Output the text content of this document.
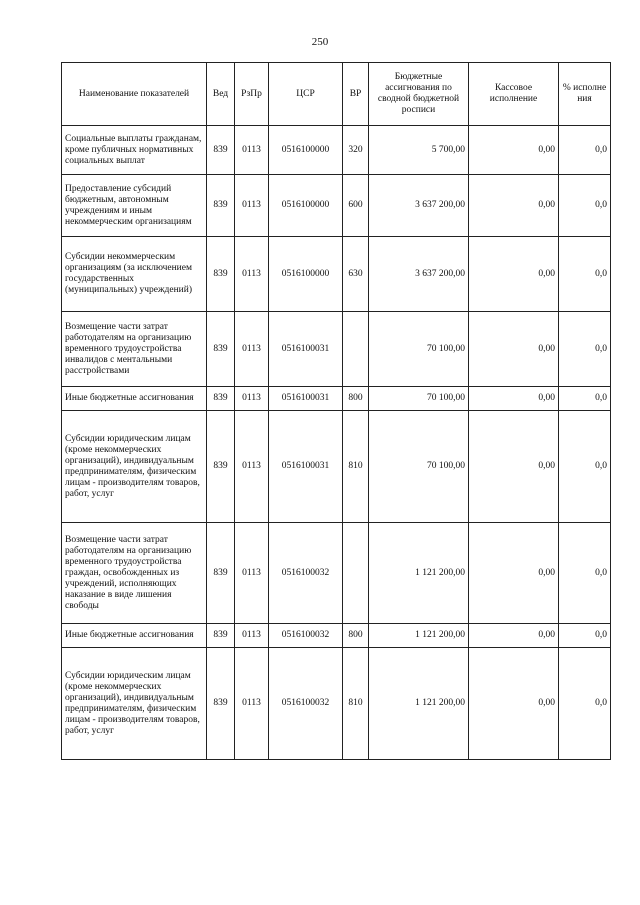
250
Наименование показателей	Вед	РзПр	ЦСР	ВР	Бюджетные ассигнования по сводной бюджетной росписи	Кассовое исполнение	% исполне ния
Социальные выплаты гражданам, кроме публичных нормативных социальных выплат	839	0113	0516100000	320	5 700,00	0,00	0,0
Предоставление субсидий бюджетным, автономным учреждениям и иным некоммерческим организациям	839	0113	0516100000	600	3 637 200,00	0,00	0,0
Субсидии некоммерческим организациям (за исключением государственных (муниципальных) учреждений)	839	0113	0516100000	630	3 637 200,00	0,00	0,0
Возмещение части затрат работодателям на организацию временного трудоустройства инвалидов с ментальными расстройствами	839	0113	0516100031		70 100,00	0,00	0,0
Иные бюджетные ассигнования	839	0113	0516100031	800	70 100,00	0,00	0,0
Субсидии юридическим лицам (кроме некоммерческих организаций), индивидуальным предпринимателям, физическим лицам - производителям товаров, работ, услуг	839	0113	0516100031	810	70 100,00	0,00	0,0
Возмещение части затрат работодателям на организацию временного трудоустройства граждан, освобожденных из учреждений, исполняющих наказание в виде лишения свободы	839	0113	0516100032		1 121 200,00	0,00	0,0
Иные бюджетные ассигнования	839	0113	0516100032	800	1 121 200,00	0,00	0,0
Субсидии юридическим лицам (кроме некоммерческих организаций), индивидуальным предпринимателям, физическим лицам - производителям товаров, работ, услуг	839	0113	0516100032	810	1 121 200,00	0,00	0,0
